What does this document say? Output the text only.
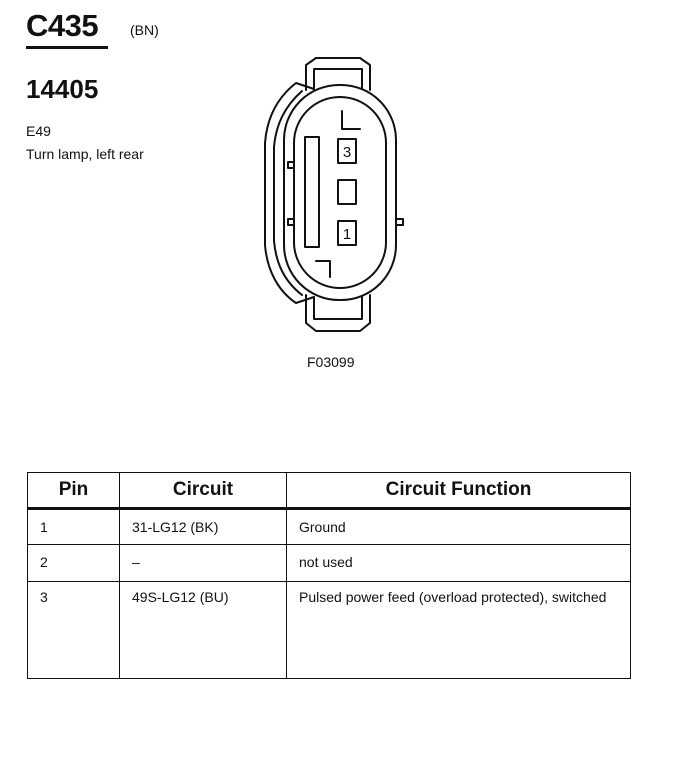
C435 (BN)
14405
E49
Turn lamp, left rear	3
1
F03099
Pin	Circuit	Circuit Function
1	31-LG12 (BK)	Ground
2	–	not used
3	49S-LG12 (BU)	Pulsed power feed (overload protected), switched
